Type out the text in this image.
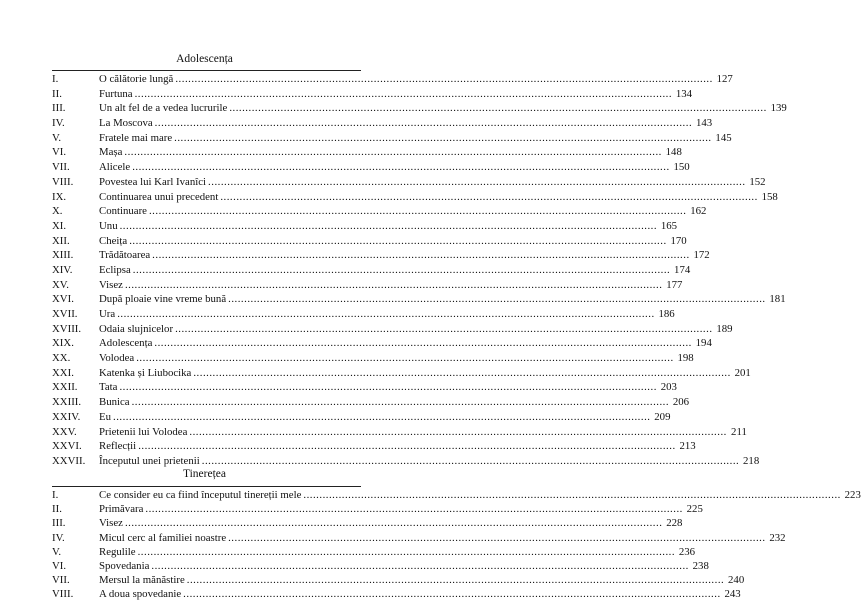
Adolescența
I.	O călătorie lungă .....	127
II.	Furtuna .....	134
III.	Un alt fel de a vedea lucrurile .....	139
IV.	La Moscova .....	143
V.	Fratele mai mare .....	145
VI.	Mașa .....	148
VII.	Alicele .....	150
VIII.	Povestea lui Karl Ivanîci .....	152
IX.	Continuarea unui precedent .....	158
X.	Continuare .....	162
XI.	Unu .....	165
XII.	Cheița .....	170
XIII.	Trădătoarea .....	172
XIV.	Eclipsa .....	174
XV.	Visez .....	177
XVI.	După ploaie vine vreme bună .....	181
XVII.	Ura .....	186
XVIII.	Odaia slujnicelor .....	189
XIX.	Adolescența .....	194
XX.	Volodea .....	198
XXI.	Katenka și Liubocika .....	201
XXII.	Tata .....	203
XXIII.	Bunica .....	206
XXIV.	Eu .....	209
XXV.	Prietenii lui Volodea .....	211
XXVI.	Reflecții .....	213
XXVII.	Începutul unei prietenii .....	218
Tinerețea
I.	Ce consider eu ca fiind începutul tinereții mele .....	223
II.	Primăvara .....	225
III.	Visez .....	228
IV.	Micul cerc al familiei noastre .....	232
V.	Regulile .....	236
VI.	Spovedania .....	238
VII.	Mersul la mănăstire .....	240
VIII.	A doua spovedanie .....	243
